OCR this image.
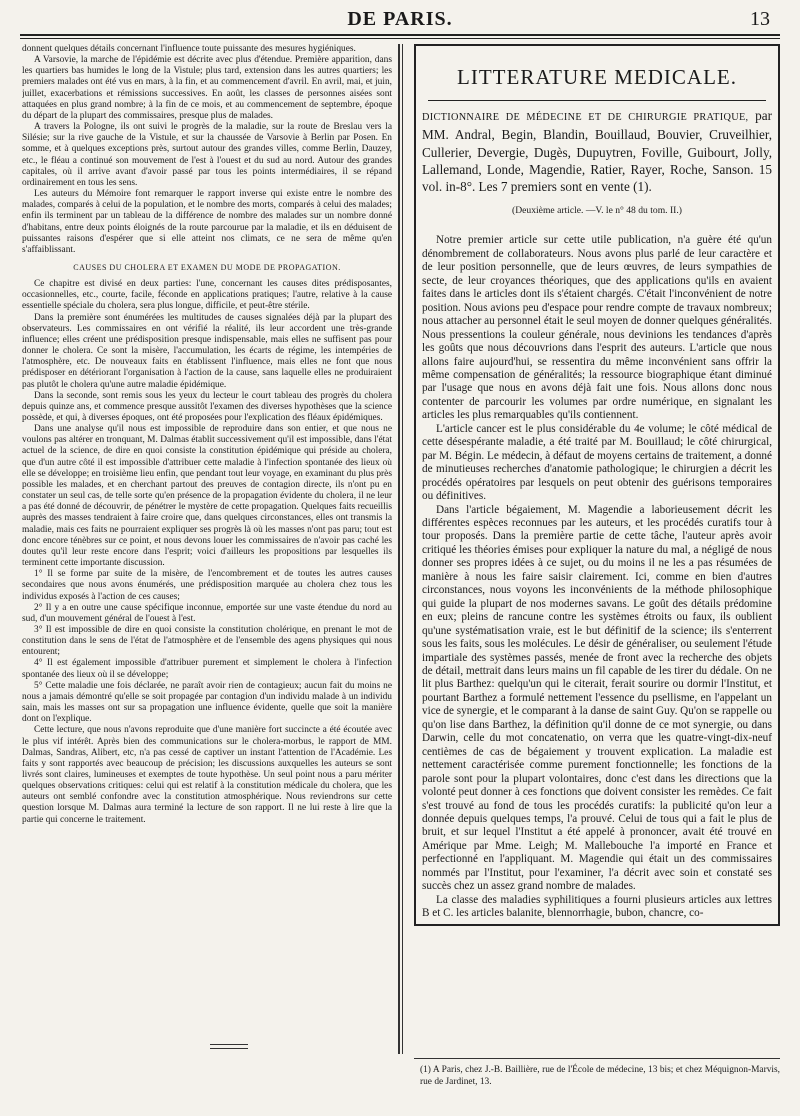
DE PARIS.	13

donnent quelques détails concernant l'influence toute puissante des mesures hygiéniques.

A Varsovie, la marche de l'épidémie est décrite avec plus d'étendue. Première apparition, dans les quartiers bas humides le long de la Vistule; plus tard, extension dans les autres quartiers; les premiers malades ont été vus en mars, à la fin, et au commencement d'avril. En avril, mai, et juin, juillet, exacerbations et rémissions successives. En août, les classes de personnes aisées sont attaquées en plus grand nombre; à la fin de ce mois, et au commencement de septembre, époque du départ de la plupart des commissaires, presque plus de malades.

A travers la Pologne, ils ont suivi le progrès de la maladie, sur la route de Breslau vers la Silésie; sur la rive gauche de la Vistule, et sur la chaussée de Varsovie à Berlin par Posen. En somme, et à quelques exceptions près, surtout autour des grandes villes, comme Berlin, Dauzey, etc., le fléau a continué son mouvement de l'est à l'ouest et du sud au nord. Autour des grandes capitales, où il arrive avant d'avoir passé par tous les points intermédiaires, il se répand ordinairement en tous les sens.

Les auteurs du Mémoire font remarquer le rapport inverse qui existe entre le nombre des malades, comparés à celui de la population, et le nombre des morts, comparés à celui des malades; enfin ils terminent par un tableau de la différence de nombre des malades sur un nombre donné d'habitans, entre deux points éloignés de la route parcourue par la maladie, et ils en déduisent de puissantes raisons d'espérer que si elle atteint nos climats, ce ne sera de même qu'en s'affaiblissant.

CAUSES DU CHOLERA ET EXAMEN DU MODE DE PROPAGATION.

Ce chapitre est divisé en deux parties: l'une, concernant les causes dites prédisposantes, occasionnelles, etc., courte, facile, féconde en applications pratiques; l'autre, relative à la cause essentielle spéciale du cholera, sera plus longue, difficile, et peut-être stérile.

Dans la première sont énumérées les multitudes de causes signalées déjà par la plupart des observateurs. Les commissaires en ont vérifié la réalité, ils leur accordent une très-grande influence; elles créent une prédisposition presque indispensable, mais elles ne suffisent pas pour donner le cholera. Ce sont la misère, l'accumulation, les écarts de régime, les intempéries de l'atmosphère, etc. De nouveaux faits en établissent l'influence, mais elles ne font que nous prédisposer en détériorant l'organisation à l'action de la cause, sans laquelle elles ne produiraient pas plutôt le cholera qu'une autre maladie épidémique.

Dans la seconde, sont remis sous les yeux du lecteur le court tableau des progrès du cholera depuis quinze ans, et commence presque aussitôt l'examen des diverses hypothèses que la science possède, et qui, à diverses époques, ont été proposées pour l'explication des fléaux épidémiques.

Dans une analyse qu'il nous est impossible de reproduire dans son entier, et que nous ne voulons pas altérer en tronquant, M. Dalmas établit successivement qu'il est impossible, dans l'état actuel de la science, de dire en quoi consiste la constitution épidémique qui préside au cholera, que d'un autre côté il est impossible d'attribuer cette maladie à l'infection spontanée des lieux où elle se développe; en troisième lieu enfin, que pendant tout leur voyage, en examinant du plus près possible les malades, et en cherchant partout des preuves de contagion directe, ils n'ont pu en constater un seul cas, de telle sorte qu'en présence de la propagation évidente du cholera, il ne leur a pas été donné de découvrir, de pénétrer le mystère de cette propagation. Quelques faits recueillis auprès des masses tendraient à faire croire que, dans quelques circonstances, elles ont transmis la maladie, mais ces faits ne pourraient expliquer ses progrès là où les masses n'ont pas paru; tout est donc encore ténèbres sur ce point, et nous devons louer les commissaires de n'avoir pas caché les doutes qu'il leur reste encore dans l'esprit; voici d'ailleurs les propositions par lesquelles ils terminent cette importante discussion.

1° Il se forme par suite de la misère, de l'encombrement et de toutes les autres causes secondaires que nous avons énumérés, une prédisposition marquée au cholera chez tous les individus exposés à l'action de ces causes;

2° Il y a en outre une cause spécifique inconnue, emportée sur une vaste étendue du nord au sud, d'un mouvement général de l'ouest à l'est.

3° Il est impossible de dire en quoi consiste la constitution cholérique, en prenant le mot de constitution dans le sens de l'état de l'atmosphère et de l'ensemble des agens physiques qui nous entourent;

4° Il est également impossible d'attribuer purement et simplement le cholera à l'infection spontanée des lieux où il se développe;

5° Cette maladie une fois déclarée, ne paraît avoir rien de contagieux; aucun fait du moins ne nous a jamais démontré qu'elle se soit propagée par contagion d'un individu malade à un individu sain, mais les masses ont sur sa propagation une influence évidente, quelle que soit la manière dont on l'explique.

Cette lecture, que nous n'avons reproduite que d'une manière fort succincte a été écoutée avec le plus vif intérêt. Après bien des communications sur le cholera-morbus, le rapport de MM. Dalmas, Sandras, Alibert, etc, n'a pas cessé de captiver un instant l'attention de l'Académie. Les faits y sont rapportés avec beaucoup de précision; les discussions auxquelles les auteurs se sont livrés sont claires, lumineuses et exemptes de toute hypothèse. Un seul point nous a paru mériter quelques observations critiques: celui qui est relatif à la constitution médicale du cholera, que les auteurs ont semblé confondre avec la constitution atmosphérique. Nous reviendrons sur cette question lorsque M. Dalmas aura terminé la lecture de son rapport. Il ne lui reste à lire que la partie qui concerne le traitement.

LITTERATURE MEDICALE.
DICTIONNAIRE DE MÉDECINE ET DE CHIRURGIE PRATIQUE, par MM. Andral, Begin, Blandin, Bouillaud, Bouvier, Cruveilhier, Cullerier, Devergie, Dugès, Dupuytren, Foville, Guibourt, Jolly, Lallemand, Londe, Magendie, Ratier, Rayer, Roche, Sanson. 15 vol. in-8°. Les 7 premiers sont en vente (1).
(Deuxième article. —V. le n° 48 du tom. II.)

Notre premier article sur cette utile publication, n'a guère été qu'un dénombrement de collaborateurs. Nous avons plus parlé de leur caractère et de leur position personnelle, que de leurs œuvres, de leurs sympathies de secte, de leur croyances théoriques, que des applications qu'ils en avaient faites dans le articles dont ils s'étaient chargés. C'était l'inconvénient de notre position. Nous avions peu d'espace pour rendre compte de travaux nombreux; nous attacher au personnel était le seul moyen de donner quelques généralités. Nous pressentions la couleur générale, nous devinions les tendances d'après les goûts que nous découvrions dans l'esprit des auteurs. L'article que nous allons faire aujourd'hui, se ressentira du même inconvénient sans offrir la même compensation de généralités; la ressource biographique étant diminué par l'usage que nous en avons déjà fait une fois. Nous allons donc nous contenter de parcourir les volumes par ordre numérique, en signalant les articles les plus remarquables qu'ils contiennent.

L'article cancer est le plus considérable du 4e volume; le côté médical de cette désespérante maladie, a été traité par M. Bouillaud; le côté chirurgical, par M. Bégin. Le médecin, à défaut de moyens certains de traitement, a donné de minutieuses recherches d'anatomie pathologique; le chirurgien a décrit les procédés opératoires par lesquels on peut obtenir des guérisons temporaires ou définitives.

Dans l'article bégaiement, M. Magendie a laborieusement décrit les différentes espèces reconnues par les auteurs, et les procédés curatifs tour à tour proposés. Dans la première partie de cette tâche, l'auteur après avoir critiqué les théories émises pour expliquer la nature du mal, a négligé de nous donner ses propres idées à ce sujet, ou du moins il ne les a pas résumées de manière à nous les faire saisir clairement. Ici, comme en bien d'autres circonstances, nous voyons les inconvénients de la méthode philosophique qui guide la plupart de nos modernes savans. Le goût des détails prédomine en eux; pleins de rancune contre les systèmes étroits ou faux, ils oublient qu'une systématisation vraie, est le but définitif de la science; ils s'enterrent sous les faits, sous les molécules. Le désir de généraliser, ou seulement l'étude impartiale des systèmes passés, menée de front avec la recherche des objets de détail, mettrait dans leurs mains un fil capable de les tirer du dédale. On ne lit plus Barthez: quelqu'un qui le citerait, ferait sourire ou dormir l'Institut, et pourtant Barthez a formulé nettement l'essence du psellisme, en l'appelant un vice de synergie, et le comparant à la danse de saint Guy. Qu'on se rappelle ou qu'on lise dans Barthez, la définition qu'il donne de ce mot synergie, ou dans Darwin, celle du mot concatenatio, on verra que les quatre-vingt-dix-neuf centièmes de cas de bégaiement y trouvent explication. La maladie est nettement caractérisée comme purement fonctionnelle; les fonctions de la parole sont pour la plupart volontaires, donc c'est dans les directions que la volonté peut donner à ces fonctions que doivent consister les remèdes. Ce fait s'est trouvé au fond de tous les procédés curatifs: la publicité qu'on leur a donnée depuis quelques temps, l'a prouvé. Celui de tous qui a fait le plus de bruit, et sur lequel l'Institut a été appelé à prononcer, avait été trouvé en Amérique par Mme. Leigh; M. Mallebouche l'a importé en France et perfectionné en l'appliquant. M. Magendie qui était un des commissaires nommés par l'Institut, pour l'examiner, l'a décrit avec soin et constaté ses succès chez un assez grand nombre de malades.

La classe des maladies syphilitiques a fourni plusieurs articles aux lettres B et C. les articles balanite, blennorrhagie, bubon, chancre, co-

(1) A Paris, chez J.-B. Baillière, rue de l'École de médecine, 13 bis; et chez Méquignon-Marvis, rue de Jardinet, 13.
